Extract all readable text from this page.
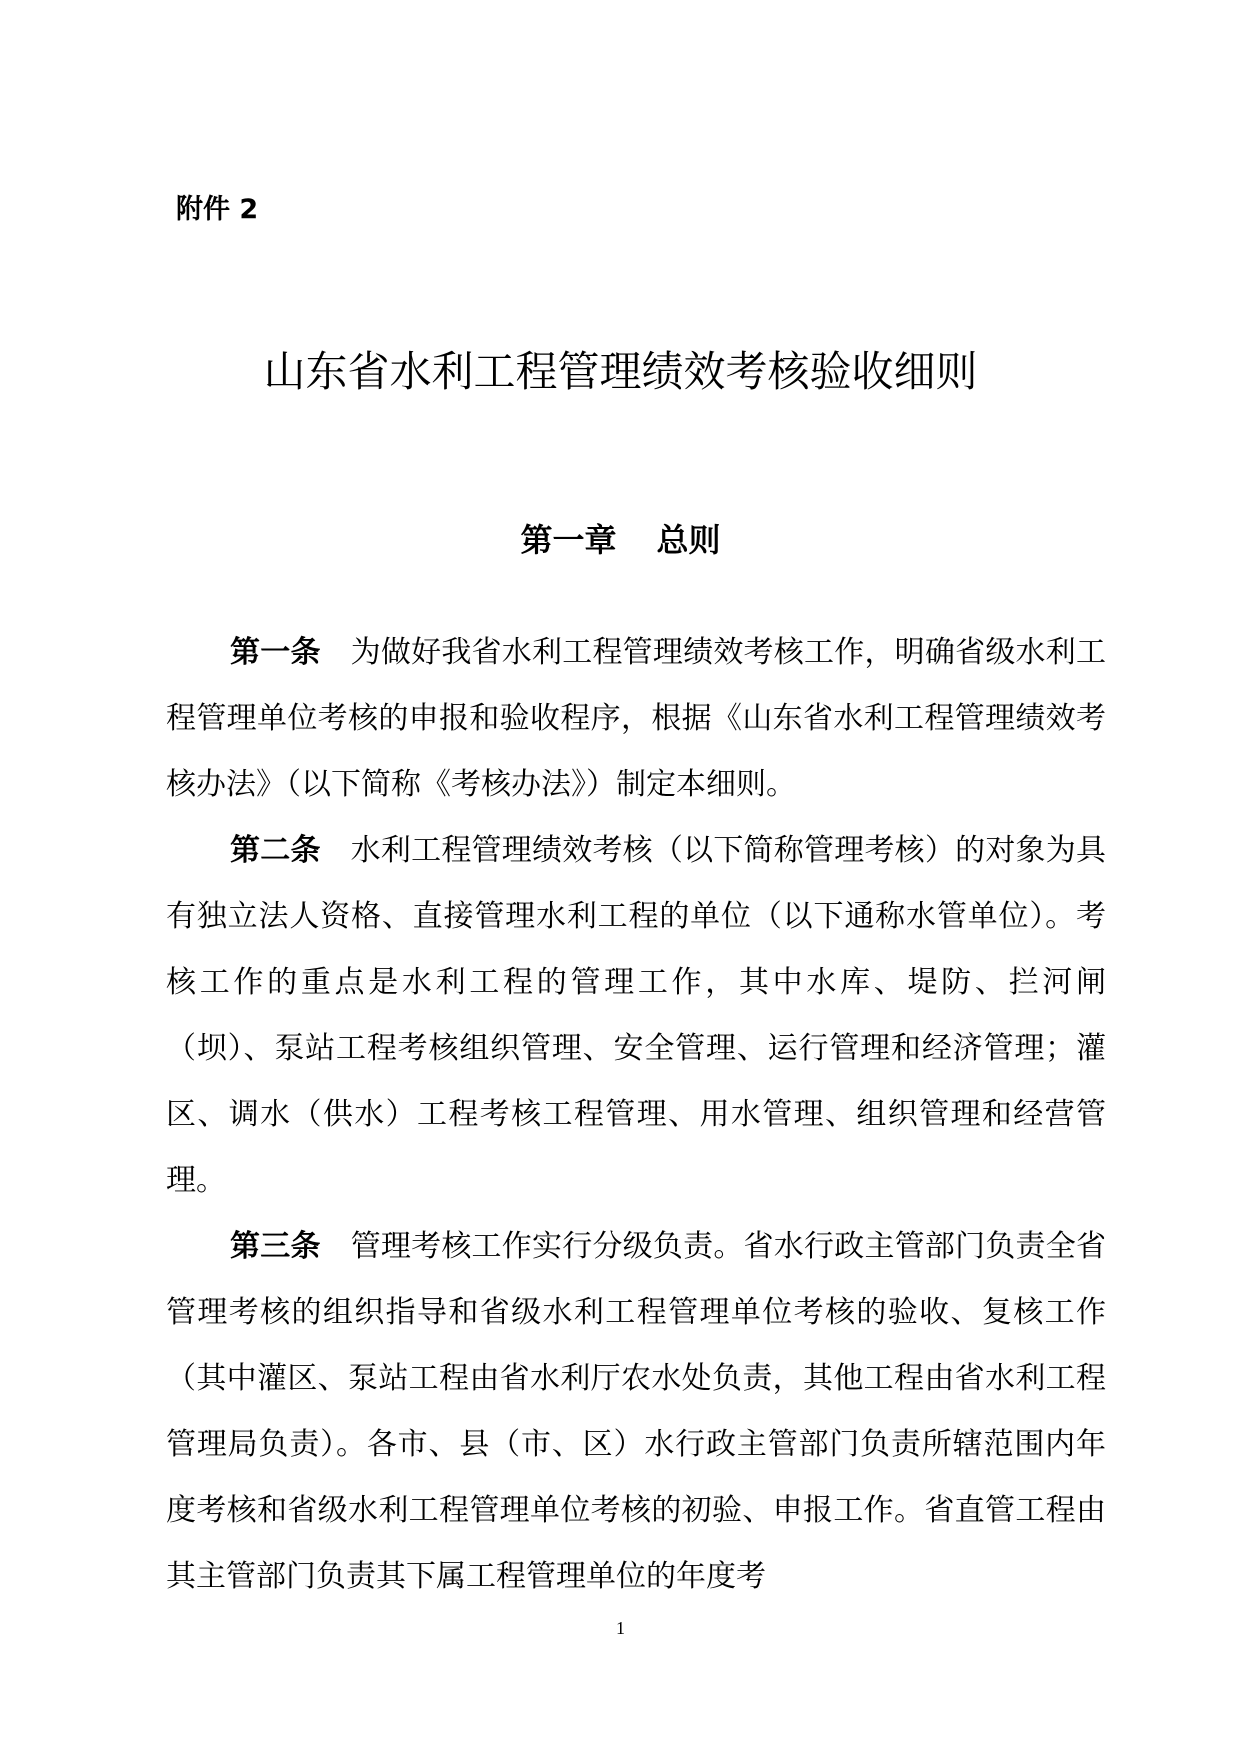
附件 2
山东省水利工程管理绩效考核验收细则
第一章 总则

第一条 为做好我省水利工程管理绩效考核工作，明确省级水利工程管理单位考核的申报和验收程序，根据《山东省水利工程管理绩效考核办法》（以下简称《考核办法》）制定本细则。

第二条 水利工程管理绩效考核（以下简称管理考核）的对象为具有独立法人资格、直接管理水利工程的单位（以下通称水管单位）。考核工作的重点是水利工程的管理工作，其中水库、堤防、拦河闸（坝）、泵站工程考核组织管理、安全管理、运行管理和经济管理；灌区、调水（供水）工程考核工程管理、用水管理、组织管理和经营管理。

第三条 管理考核工作实行分级负责。省水行政主管部门负责全省管理考核的组织指导和省级水利工程管理单位考核的验收、复核工作（其中灌区、泵站工程由省水利厅农水处负责，其他工程由省水利工程管理局负责）。各市、县（市、区）水行政主管部门负责所辖范围内年度考核和省级水利工程管理单位考核的初验、申报工作。省直管工程由其主管部门负责其下属工程管理单位的年度考

1
